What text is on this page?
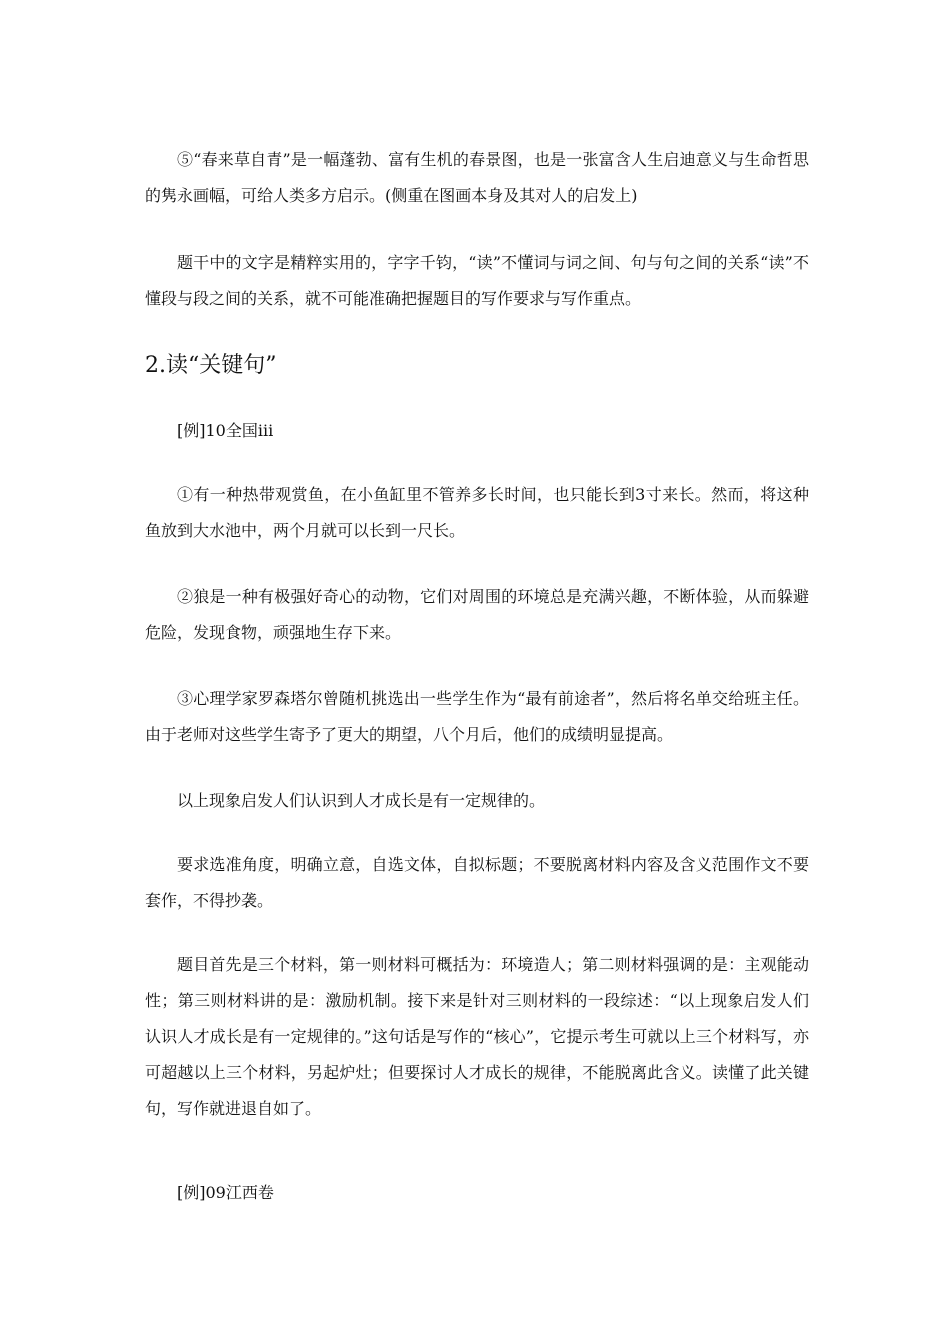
⑤“春来草自青”是一幅蓬勃、富有生机的春景图，也是一张富含人生启迪意义与生命哲思的隽永画幅，可给人类多方启示。(侧重在图画本身及其对人的启发上)

题干中的文字是精粹实用的，字字千钧，“读”不懂词与词之间、句与句之间的关系“读”不懂段与段之间的关系，就不可能准确把握题目的写作要求与写作重点。

2.读“关键句”

[例]10全国iii

①有一种热带观赏鱼，在小鱼缸里不管养多长时间，也只能长到3寸来长。然而，将这种鱼放到大水池中，两个月就可以长到一尺长。

②狼是一种有极强好奇心的动物，它们对周围的环境总是充满兴趣，不断体验，从而躲避危险，发现食物，顽强地生存下来。

③心理学家罗森塔尔曾随机挑选出一些学生作为“最有前途者”，然后将名单交给班主任。由于老师对这些学生寄予了更大的期望，八个月后，他们的成绩明显提高。

以上现象启发人们认识到人才成长是有一定规律的。

要求选准角度，明确立意，自选文体，自拟标题；不要脱离材料内容及含义范围作文不要套作，不得抄袭。

题目首先是三个材料，第一则材料可概括为：环境造人；第二则材料强调的是：主观能动性；第三则材料讲的是：激励机制。接下来是针对三则材料的一段综述：“以上现象启发人们认识人才成长是有一定规律的。”这句话是写作的“核心”，它提示考生可就以上三个材料写，亦可超越以上三个材料，另起炉灶；但要探讨人才成长的规律，不能脱离此含义。读懂了此关键句，写作就进退自如了。

[例]09江西卷
